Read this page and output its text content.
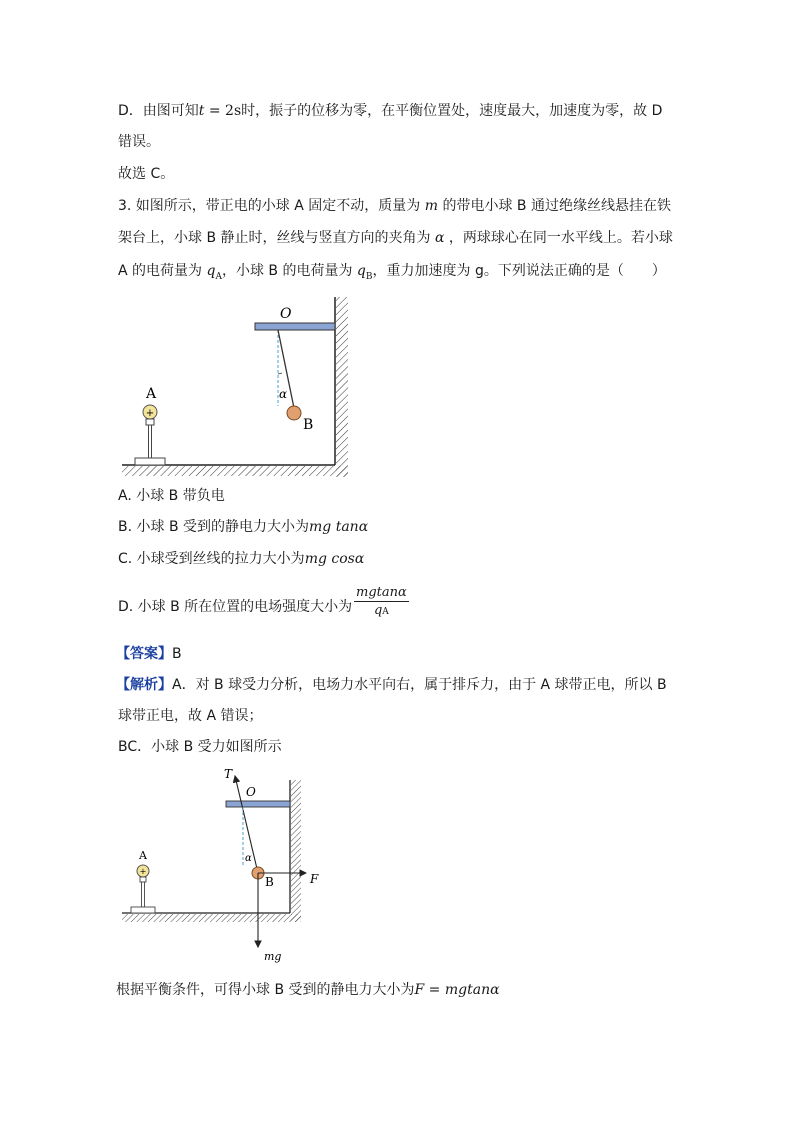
D．由图可知t = 2s时，振子的位移为零，在平衡位置处，速度最大，加速度为零，故 D
错误。
故选 C。
3. 如图所示，带正电的小球 A 固定不动，质量为 m 的带电小球 B 通过绝缘丝线悬挂在铁
架台上，小球 B 静止时，丝线与竖直方向的夹角为 α ，两球球心在同一水平线上。若小球
A 的电荷量为 $q_A$，小球 B 的电荷量为 $q_B$，重力加速度为 g。下列说法正确的是（　　）
O
α
B
A
+
A. 小球 B 带负电
B. 小球 B 受到的静电力大小为mg tanα
C. 小球受到丝线的拉力大小为mg cosα
D. 小球 B 所在位置的电场强度大小为 $\frac{mgtan\alpha}{qA}$
【答案】B
【解析】A．对 B 球受力分析，电场力水平向右，属于排斥力，由于 A 球带正电，所以 B
球带正电，故 A 错误；
BC．小球 B 受力如图所示
O
T
α
B	F
mg
A
+
根据平衡条件，可得小球 B 受到的静电力大小为F = mgtanα
